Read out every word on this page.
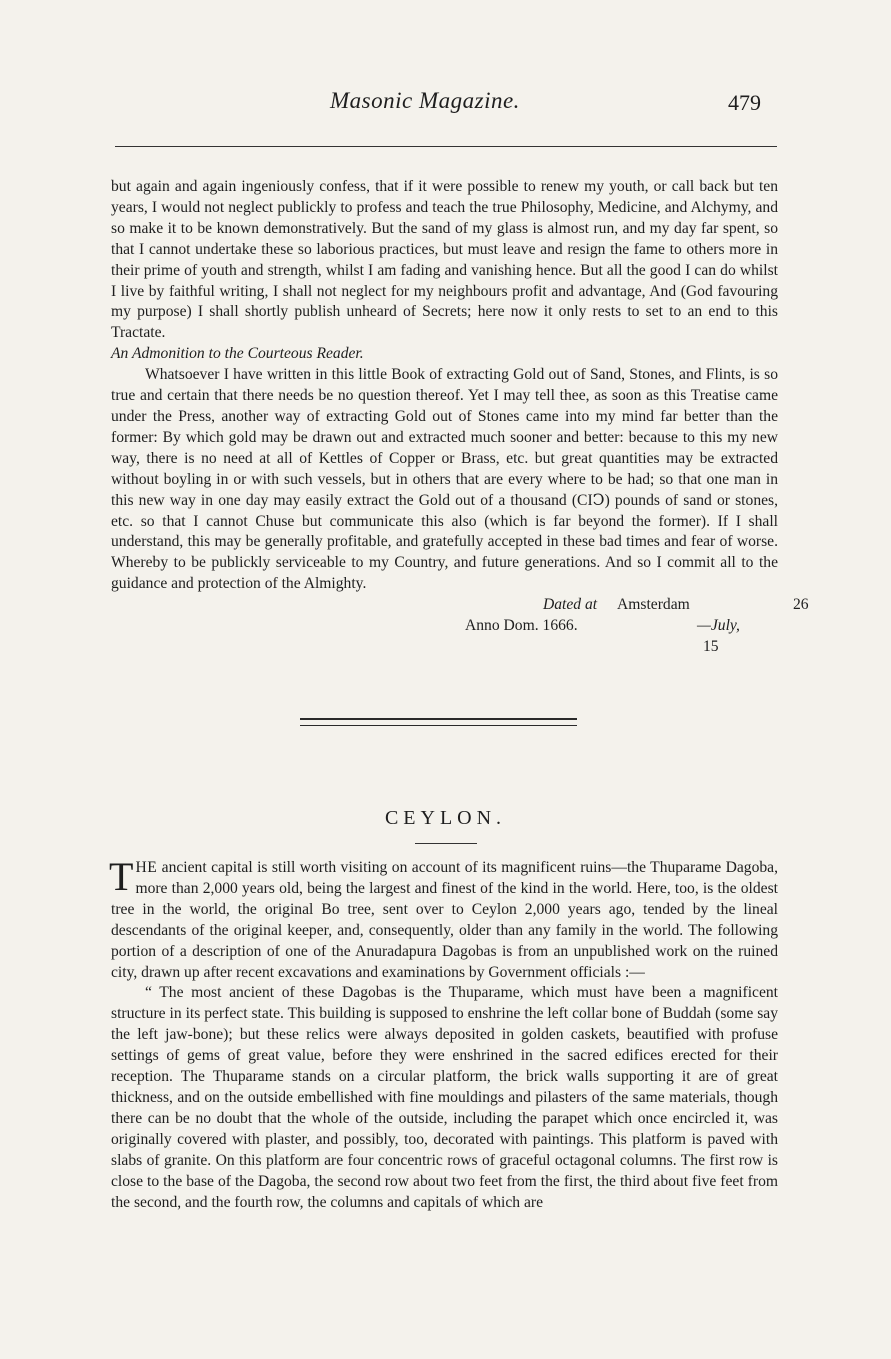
Masonic Magazine.	479

but again and again ingeniously confess, that if it were possible to renew my youth, or call back but ten years, I would not neglect publickly to profess and teach the true Philosophy, Medicine, and Alchymy, and so make it to be known demonstratively. But the sand of my glass is almost run, and my day far spent, so that I cannot undertake these so laborious practices, but must leave and resign the fame to others more in their prime of youth and strength, whilst I am fading and vanishing hence. But all the good I can do whilst I live by faithful writing, I shall not neglect for my neighbours profit and advantage, And (God favouring my purpose) I shall shortly publish unheard of Secrets; here now it only rests to set to an end to this Tractate.

An Admonition to the Courteous Reader.

Whatsoever I have written in this little Book of extracting Gold out of Sand, Stones, and Flints, is so true and certain that there needs be no question thereof. Yet I may tell thee, as soon as this Treatise came under the Press, another way of extracting Gold out of Stones came into my mind far better than the former: By which gold may be drawn out and extracted much sooner and better: because to this my new way, there is no need at all of Kettles of Copper or Brass, etc. but great quantities may be extracted without boyling in or with such vessels, but in others that are every where to be had; so that one man in this new way in one day may easily extract the Gold out of a thousand (CIↃ) pounds of sand or stones, etc. so that I cannot Chuse but communicate this also (which is far beyond the former). If I shall understand, this may be generally profitable, and gratefully accepted in these bad times and fear of worse. Whereby to be publickly serviceable to my Country, and future generations. And so I commit all to the guidance and protection of the Almighty.

Dated at Amsterdam	26
Anno Dom. 1666.	—July,
15
CEYLON.

THE ancient capital is still worth visiting on account of its magnificent ruins—the Thuparame Dagoba, more than 2,000 years old, being the largest and finest of the kind in the world. Here, too, is the oldest tree in the world, the original Bo tree, sent over to Ceylon 2,000 years ago, tended by the lineal descendants of the original keeper, and, consequently, older than any family in the world. The following portion of a description of one of the Anuradapura Dagobas is from an unpublished work on the ruined city, drawn up after recent excavations and examinations by Government officials :—

“ The most ancient of these Dagobas is the Thuparame, which must have been a magnificent structure in its perfect state. This building is supposed to enshrine the left collar bone of Buddah (some say the left jaw-bone); but these relics were always deposited in golden caskets, beautified with profuse settings of gems of great value, before they were enshrined in the sacred edifices erected for their reception. The Thuparame stands on a circular platform, the brick walls supporting it are of great thickness, and on the outside embellished with fine mouldings and pilasters of the same materials, though there can be no doubt that the whole of the outside, including the parapet which once encircled it, was originally covered with plaster, and possibly, too, decorated with paintings. This platform is paved with slabs of granite. On this platform are four concentric rows of graceful octagonal columns. The first row is close to the base of the Dagoba, the second row about two feet from the first, the third about five feet from the second, and the fourth row, the columns and capitals of which are
